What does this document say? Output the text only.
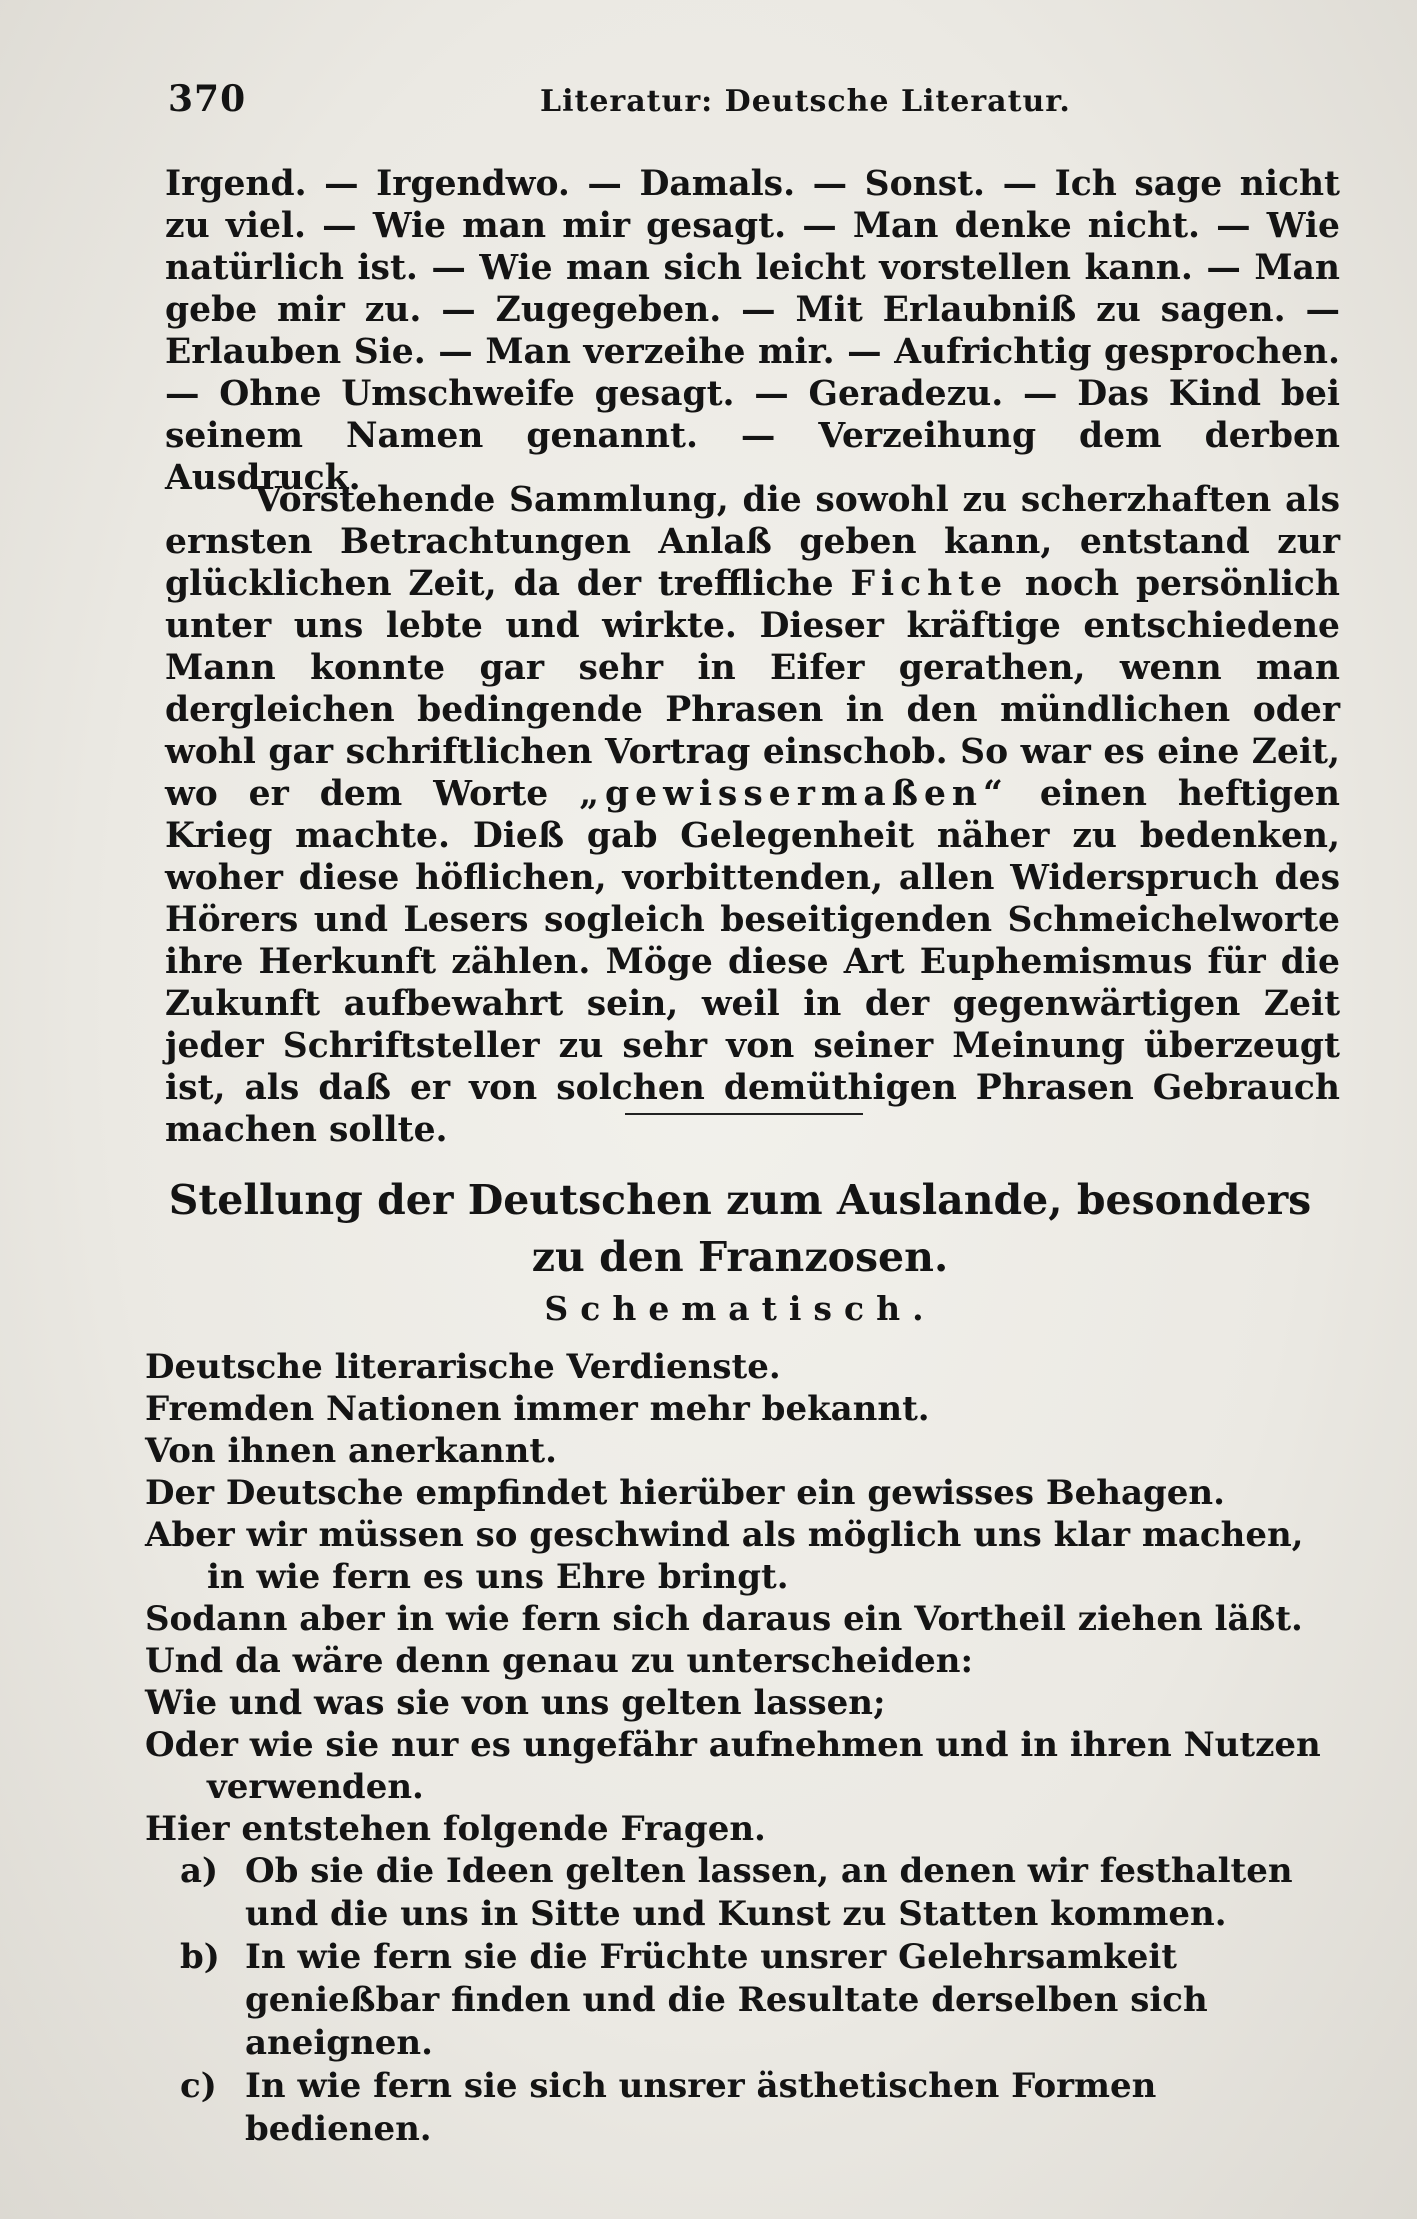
370	Literatur: Deutsche Literatur.

Irgend. — Irgendwo. — Damals. — Sonst. — Ich sage nicht zu viel. — Wie man mir gesagt. — Man denke nicht. — Wie natürlich ist. — Wie man sich leicht vorstellen kann. — Man gebe mir zu. — Zugegeben. — Mit Erlaubniß zu sagen. — Erlauben Sie. — Man verzeihe mir. — Aufrichtig gesprochen. — Ohne Umschweife gesagt. — Geradezu. — Das Kind bei seinem Namen genannt. — Verzeihung dem derben Ausdruck.

Vorstehende Sammlung, die sowohl zu scherzhaften als ernsten Betrachtungen Anlaß geben kann, entstand zur glücklichen Zeit, da der treffliche Fichte noch persönlich unter uns lebte und wirkte. Dieser kräftige entschiedene Mann konnte gar sehr in Eifer gerathen, wenn man dergleichen bedingende Phrasen in den mündlichen oder wohl gar schriftlichen Vortrag einschob. So war es eine Zeit, wo er dem Worte „gewissermaßen“ einen heftigen Krieg machte. Dieß gab Gelegenheit näher zu bedenken, woher diese höflichen, vorbittenden, allen Widerspruch des Hörers und Lesers sogleich beseitigenden Schmeichelworte ihre Herkunft zählen. Möge diese Art Euphemismus für die Zukunft aufbewahrt sein, weil in der gegenwärtigen Zeit jeder Schriftsteller zu sehr von seiner Meinung überzeugt ist, als daß er von solchen demüthigen Phrasen Gebrauch machen sollte.

Stellung der Deutschen zum Auslande, besonders zu den Franzosen.
Schematisch.
Deutsche literarische Verdienste.
Fremden Nationen immer mehr bekannt.
Von ihnen anerkannt.
Der Deutsche empfindet hierüber ein gewisses Behagen.
Aber wir müssen so geschwind als möglich uns klar machen, in wie fern es uns Ehre bringt.
Sodann aber in wie fern sich daraus ein Vortheil ziehen läßt.
Und da wäre denn genau zu unterscheiden:
Wie und was sie von uns gelten lassen;
Oder wie sie nur es ungefähr aufnehmen und in ihren Nutzen verwenden.
Hier entstehen folgende Fragen.
a) Ob sie die Ideen gelten lassen, an denen wir festhalten und die uns in Sitte und Kunst zu Statten kommen.
b) In wie fern sie die Früchte unsrer Gelehrsamkeit genießbar finden und die Resultate derselben sich aneignen.
c) In wie fern sie sich unsrer ästhetischen Formen bedienen.
